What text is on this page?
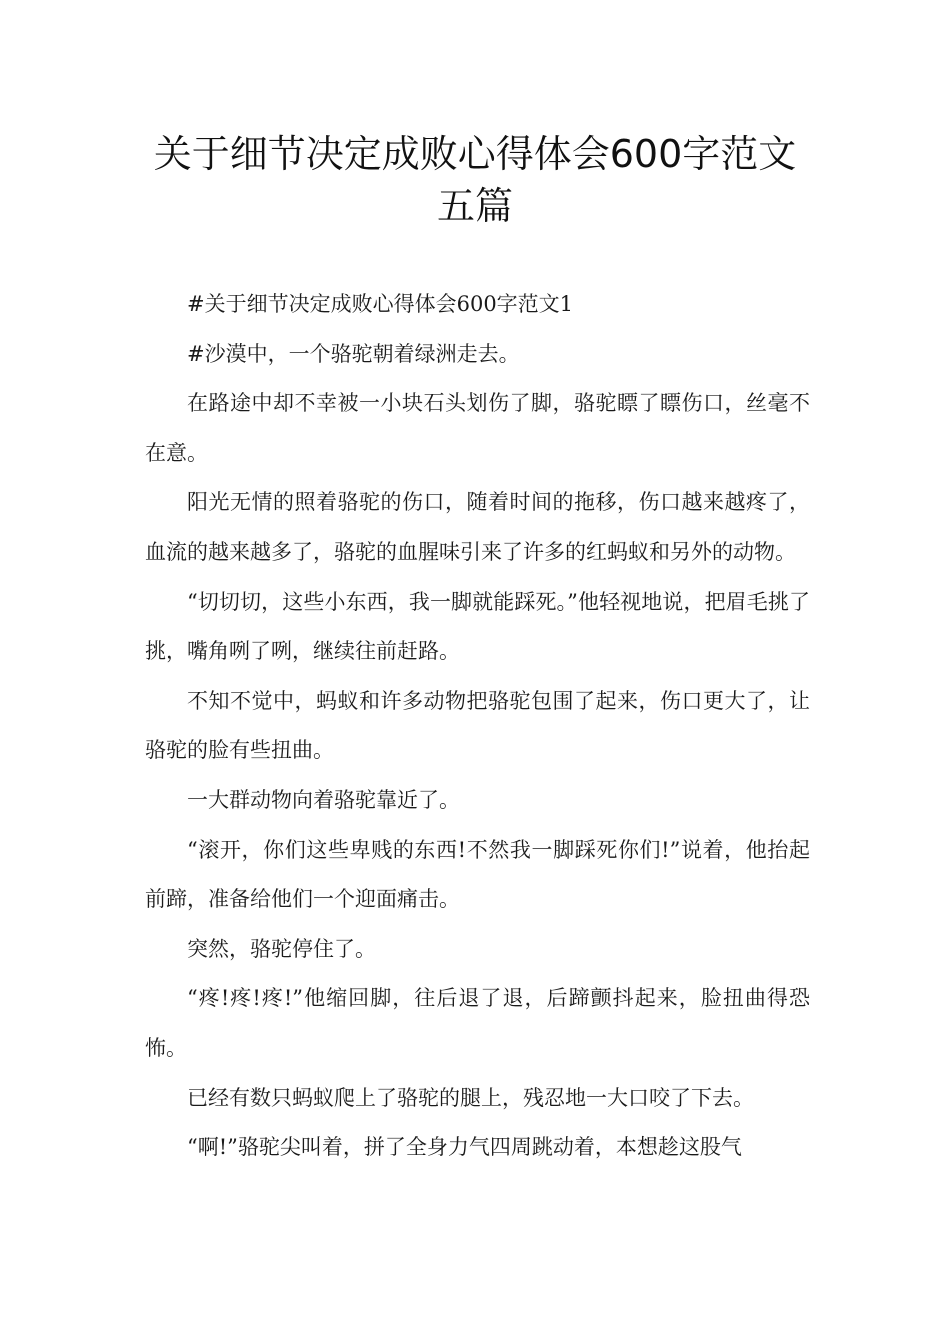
关于细节决定成败心得体会600字范文
五篇

#关于细节决定成败心得体会600字范文1

#沙漠中，一个骆驼朝着绿洲走去。

在路途中却不幸被一小块石头划伤了脚，骆驼瞟了瞟伤口，丝毫不在意。

阳光无情的照着骆驼的伤口，随着时间的拖移，伤口越来越疼了，血流的越来越多了，骆驼的血腥味引来了许多的红蚂蚁和另外的动物。

“切切切，这些小东西，我一脚就能踩死。”他轻视地说，把眉毛挑了挑，嘴角咧了咧，继续往前赶路。

不知不觉中，蚂蚁和许多动物把骆驼包围了起来，伤口更大了，让骆驼的脸有些扭曲。

一大群动物向着骆驼靠近了。

“滚开，你们这些卑贱的东西!不然我一脚踩死你们!”说着，他抬起前蹄，准备给他们一个迎面痛击。

突然，骆驼停住了。

“疼!疼!疼!”他缩回脚，往后退了退，后蹄颤抖起来，脸扭曲得恐怖。

已经有数只蚂蚁爬上了骆驼的腿上，残忍地一大口咬了下去。

“啊!”骆驼尖叫着，拼了全身力气四周跳动着，本想趁这股气
